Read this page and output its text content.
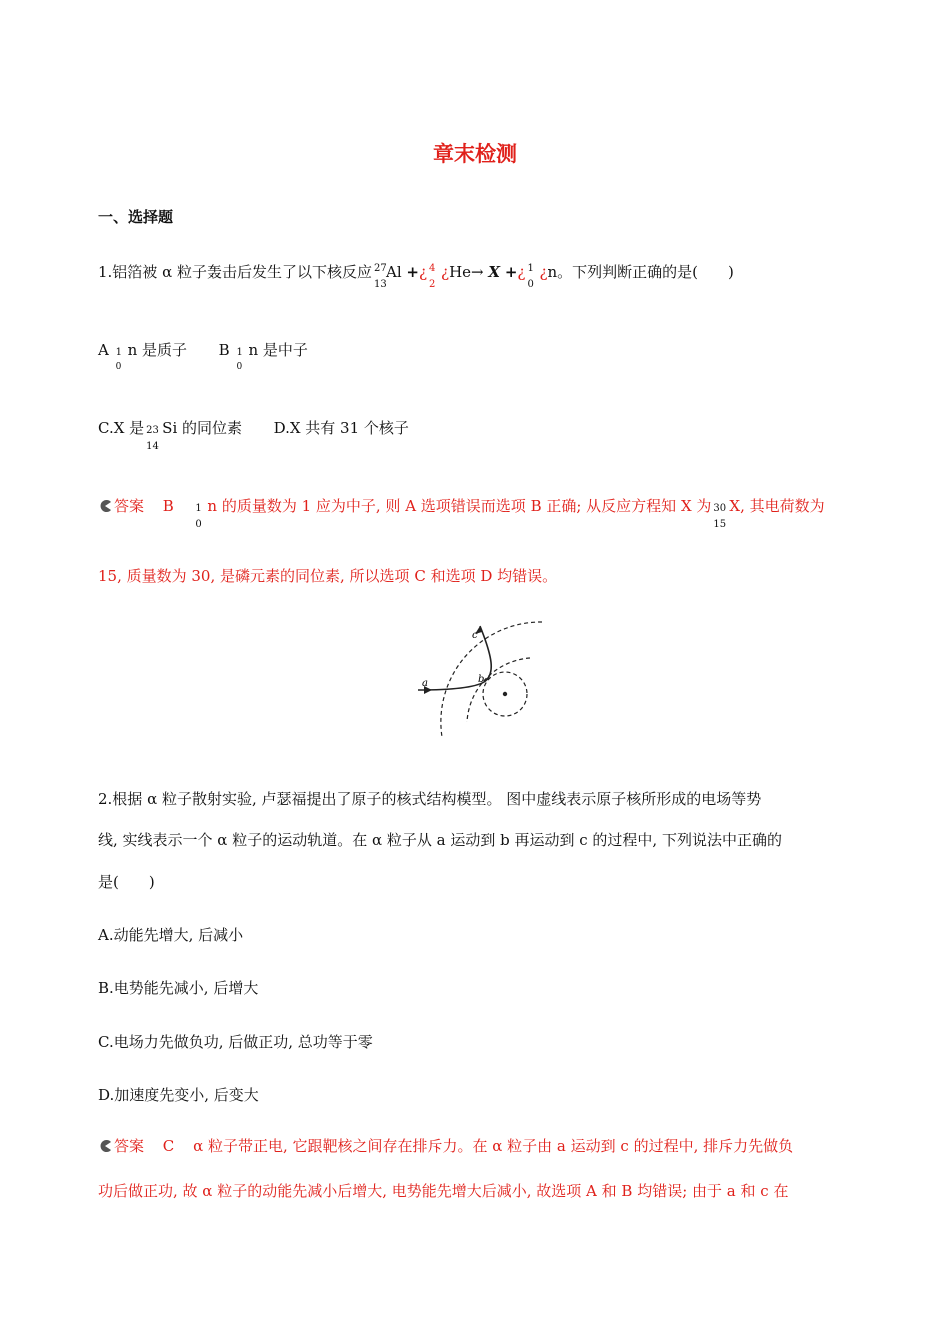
章末检测
一、选择题
1.铝箔被 α 粒子轰击后发生了以下核反应 27
13
Al +¿ 4
2
¿He→ X +¿ 1
0
¿n。下列判断正确的是(　　)
A 1
0
n 是质子 B 1
0
n 是中子
C.X 是 23
14
Si 的同位素 D.X 共有 31 个核子
答案 B 1
0
n 的质量数为 1 应为中子, 则 A 选项错误而选项 B 正确; 从反应方程知 X 为 30
15
X, 其电荷数为
15, 质量数为 30, 是磷元素的同位素, 所以选项 C 和选项 D 均错误。
a	b
c
2.根据 α 粒子散射实验, 卢瑟福提出了原子的核式结构模型。 图中虚线表示原子核所形成的电场等势
线, 实线表示一个 α 粒子的运动轨道。在 α 粒子从 a 运动到 b 再运动到 c 的过程中, 下列说法中正确的
是(　　)
A.动能先增大, 后减小
B.电势能先减小, 后增大
C.电场力先做负功, 后做正功, 总功等于零
D.加速度先变小, 后变大
答案 C α 粒子带正电, 它跟靶核之间存在排斥力。在 α 粒子由 a 运动到 c 的过程中, 排斥力先做负
功后做正功, 故 α 粒子的动能先减小后增大, 电势能先增大后减小, 故选项 A 和 B 均错误; 由于 a 和 c 在
